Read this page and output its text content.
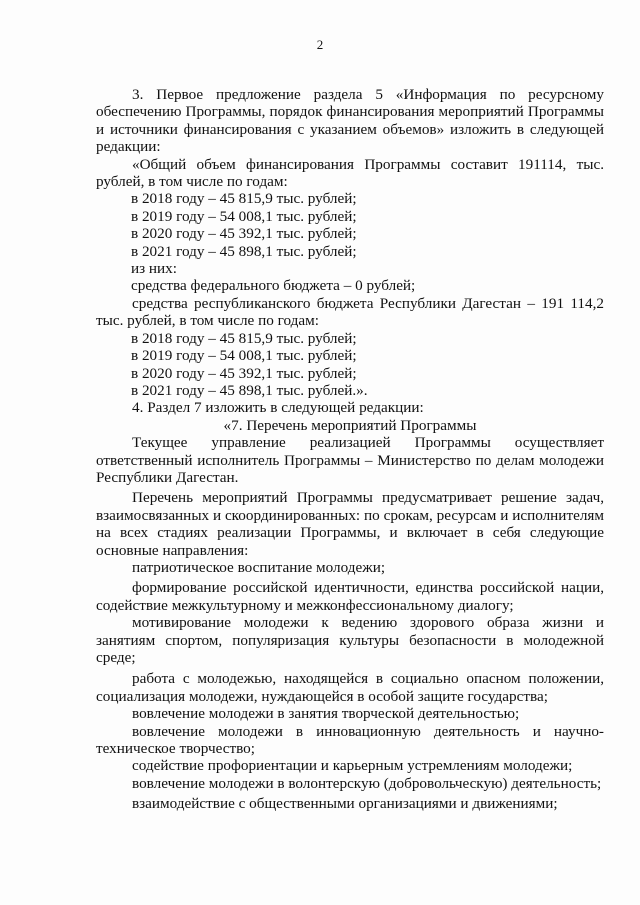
2

3. Первое предложение раздела 5 «Информация по ресурсному обеспечению Программы, порядок финансирования мероприятий Программы и источники финансирования с указанием объемов» изложить в следующей редакции:

«Общий объем финансирования Программы составит 191114, тыс. рублей, в том числе по годам:

в 2018 году – 45 815,9 тыс. рублей;

в 2019 году – 54 008,1 тыс. рублей;

в 2020 году – 45 392,1 тыс. рублей;

в 2021 году – 45 898,1 тыс. рублей;

из них:

средства федерального бюджета – 0 рублей;

средства республиканского бюджета Республики Дагестан – 191 114,2 тыс. рублей, в том числе по годам:

в 2018 году – 45 815,9 тыс. рублей;

в 2019 году – 54 008,1 тыс. рублей;

в 2020 году – 45 392,1 тыс. рублей;

в 2021 году – 45 898,1 тыс. рублей.».

4. Раздел 7 изложить в следующей редакции:

«7. Перечень мероприятий Программы

Текущее управление реализацией Программы осуществляет ответственный исполнитель Программы – Министерство по делам молодежи Республики Дагестан.

Перечень мероприятий Программы предусматривает решение задач, взаимосвязанных и скоординированных: по срокам, ресурсам и исполнителям на всех стадиях реализации Программы, и включает в себя следующие основные направления:

патриотическое воспитание молодежи;

формирование российской идентичности, единства российской нации, содействие межкультурному и межконфессиональному диалогу;

мотивирование молодежи к ведению здорового образа жизни и занятиям спортом, популяризация культуры безопасности в молодежной среде;

работа с молодежью, находящейся в социально опасном положении, социализация молодежи, нуждающейся в особой защите государства;

вовлечение молодежи в занятия творческой деятельностью;

вовлечение молодежи в инновационную деятельность и научно-техническое творчество;

содействие профориентации и карьерным устремлениям молодежи;

вовлечение молодежи в волонтерскую (добровольческую) деятельность;

взаимодействие с общественными организациями и движениями;
